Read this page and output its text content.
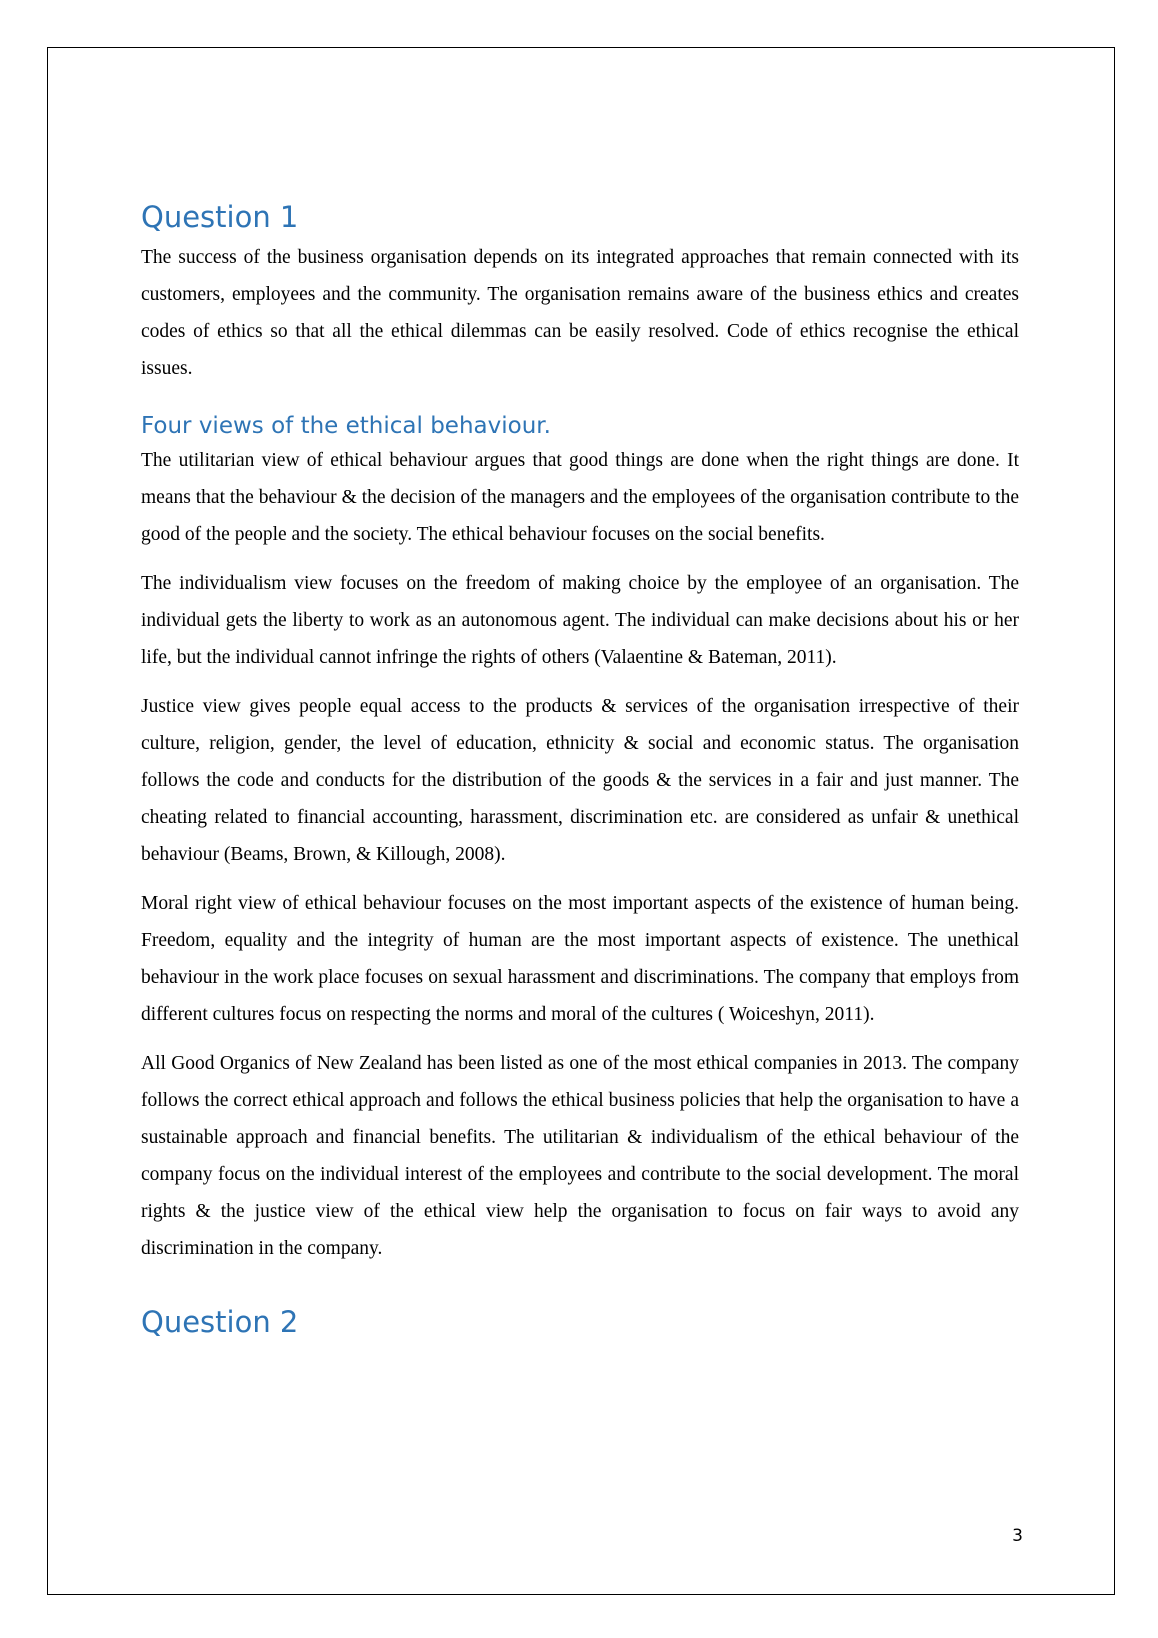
Question 1

The success of the business organisation depends on its integrated approaches that remain connected with its customers, employees and the community. The organisation remains aware of the business ethics and creates codes of ethics so that all the ethical dilemmas can be easily resolved. Code of ethics recognise the ethical issues.

Four views of the ethical behaviour.

The utilitarian view of ethical behaviour argues that good things are done when the right things are done. It means that the behaviour & the decision of the managers and the employees of the organisation contribute to the good of the people and the society. The ethical behaviour focuses on the social benefits.

The individualism view focuses on the freedom of making choice by the employee of an organisation. The individual gets the liberty to work as an autonomous agent. The individual can make decisions about his or her life, but the individual cannot infringe the rights of others (Valaentine & Bateman, 2011).

Justice view gives people equal access to the products & services of the organisation irrespective of their culture, religion, gender, the level of education, ethnicity & social and economic status. The organisation follows the code and conducts for the distribution of the goods & the services in a fair and just manner. The cheating related to financial accounting, harassment, discrimination etc. are considered as unfair & unethical behaviour (Beams, Brown, & Killough, 2008).

Moral right view of ethical behaviour focuses on the most important aspects of the existence of human being. Freedom, equality and the integrity of human are the most important aspects of existence. The unethical behaviour in the work place focuses on sexual harassment and discriminations. The company that employs from different cultures focus on respecting the norms and moral of the cultures ( Woiceshyn, 2011).

All Good Organics of New Zealand has been listed as one of the most ethical companies in 2013. The company follows the correct ethical approach and follows the ethical business policies that help the organisation to have a sustainable approach and financial benefits. The utilitarian & individualism of the ethical behaviour of the company focus on the individual interest of the employees and contribute to the social development. The moral rights & the justice view of the ethical view help the organisation to focus on fair ways to avoid any discrimination in the company.

Question 2
3
